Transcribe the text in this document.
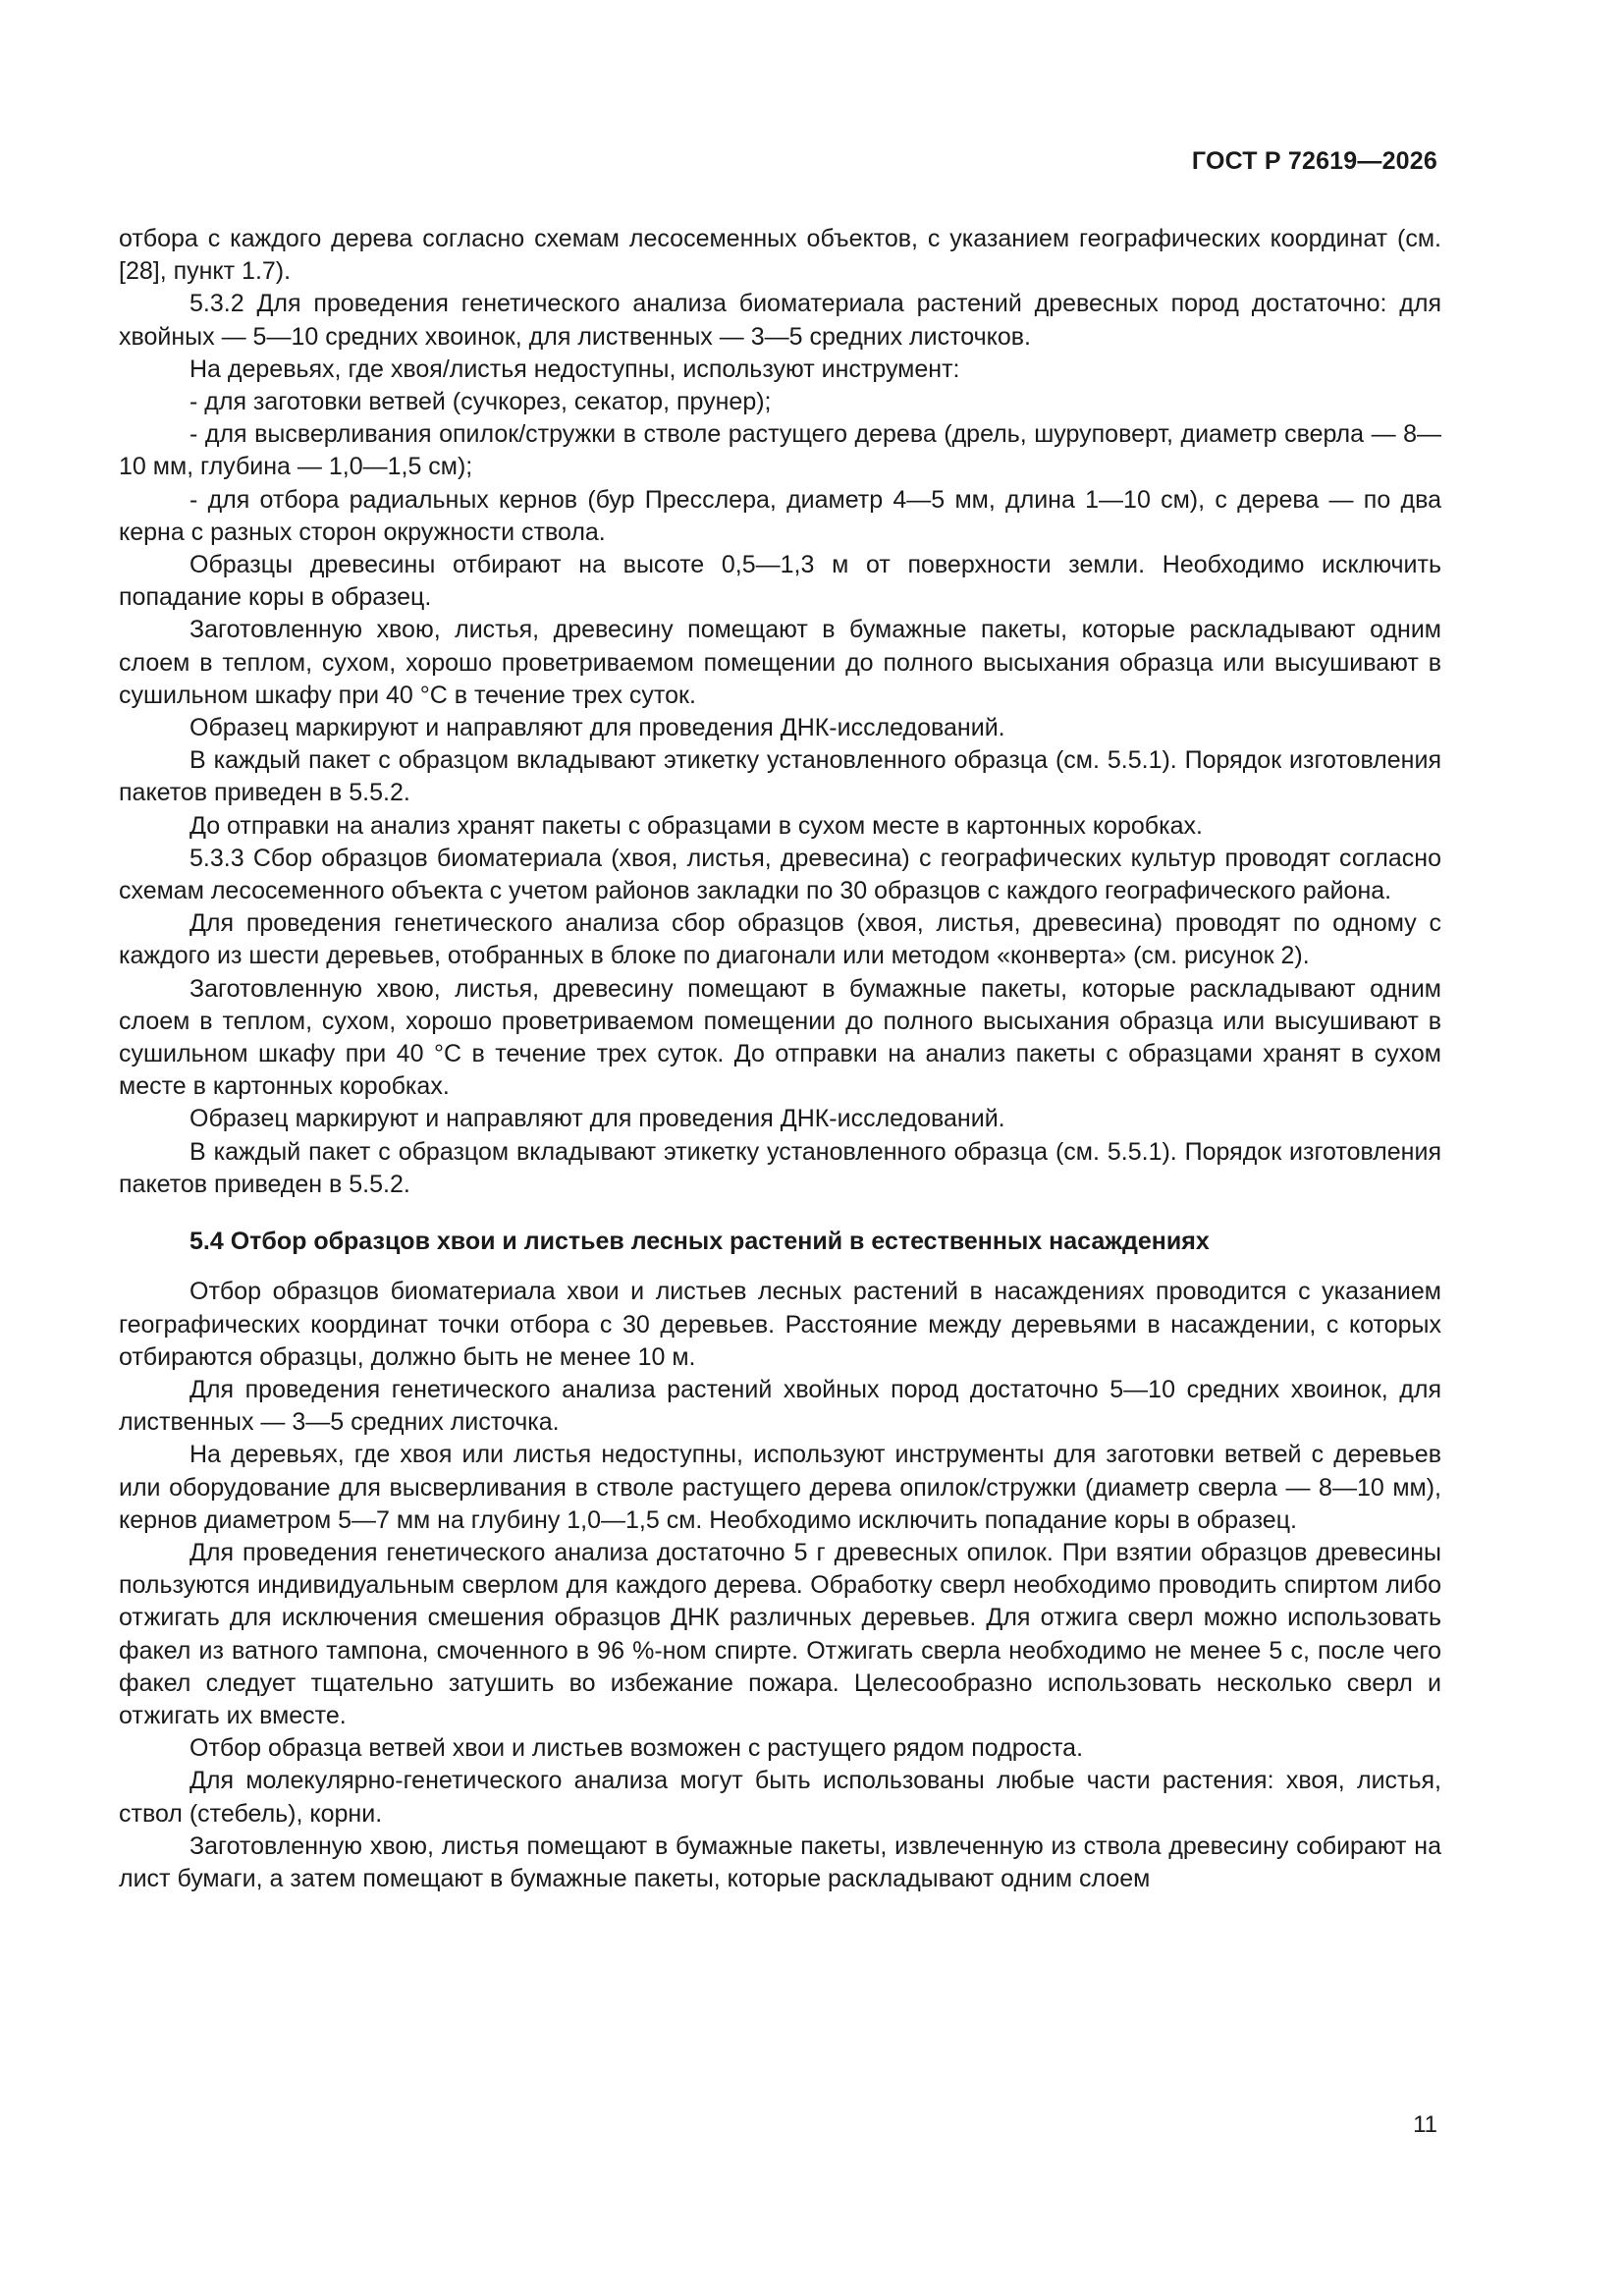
ГОСТ Р 72619—2026

отбора с каждого дерева согласно схемам лесосеменных объектов, с указанием географических координат (см. [28], пункт 1.7).

5.3.2 Для проведения генетического анализа биоматериала растений древесных пород достаточно: для хвойных — 5—10 средних хвоинок, для лиственных — 3—5 средних листочков.

На деревьях, где хвоя/листья недоступны, используют инструмент:

- для заготовки ветвей (сучкорез, секатор, прунер);

- для высверливания опилок/стружки в стволе растущего дерева (дрель, шуруповерт, диаметр сверла — 8—10 мм, глубина — 1,0—1,5 см);

- для отбора радиальных кернов (бур Пресслера, диаметр 4—5 мм, длина 1—10 см), с дерева — по два керна с разных сторон окружности ствола.

Образцы древесины отбирают на высоте 0,5—1,3 м от поверхности земли. Необходимо исключить попадание коры в образец.

Заготовленную хвою, листья, древесину помещают в бумажные пакеты, которые раскладывают одним слоем в теплом, сухом, хорошо проветриваемом помещении до полного высыхания образца или высушивают в сушильном шкафу при 40 °С в течение трех суток.

Образец маркируют и направляют для проведения ДНК-исследований.

В каждый пакет с образцом вкладывают этикетку установленного образца (см. 5.5.1). Порядок изготовления пакетов приведен в 5.5.2.

До отправки на анализ хранят пакеты с образцами в сухом месте в картонных коробках.

5.3.3 Сбор образцов биоматериала (хвоя, листья, древесина) с географических культур проводят согласно схемам лесосеменного объекта с учетом районов закладки по 30 образцов с каждого географического района.

Для проведения генетического анализа сбор образцов (хвоя, листья, древесина) проводят по одному с каждого из шести деревьев, отобранных в блоке по диагонали или методом «конверта» (см. рисунок 2).

Заготовленную хвою, листья, древесину помещают в бумажные пакеты, которые раскладывают одним слоем в теплом, сухом, хорошо проветриваемом помещении до полного высыхания образца или высушивают в сушильном шкафу при 40 °С в течение трех суток. До отправки на анализ пакеты с образцами хранят в сухом месте в картонных коробках.

Образец маркируют и направляют для проведения ДНК-исследований.

В каждый пакет с образцом вкладывают этикетку установленного образца (см. 5.5.1). Порядок изготовления пакетов приведен в 5.5.2.

5.4 Отбор образцов хвои и листьев лесных растений в естественных насаждениях

Отбор образцов биоматериала хвои и листьев лесных растений в насаждениях проводится с указанием географических координат точки отбора с 30 деревьев. Расстояние между деревьями в насаждении, с которых отбираются образцы, должно быть не менее 10 м.

Для проведения генетического анализа растений хвойных пород достаточно 5—10 средних хвоинок, для лиственных — 3—5 средних листочка.

На деревьях, где хвоя или листья недоступны, используют инструменты для заготовки ветвей с деревьев или оборудование для высверливания в стволе растущего дерева опилок/стружки (диаметр сверла — 8—10 мм), кернов диаметром 5—7 мм на глубину 1,0—1,5 см. Необходимо исключить попадание коры в образец.

Для проведения генетического анализа достаточно 5 г древесных опилок. При взятии образцов древесины пользуются индивидуальным сверлом для каждого дерева. Обработку сверл необходимо проводить спиртом либо отжигать для исключения смешения образцов ДНК различных деревьев. Для отжига сверл можно использовать факел из ватного тампона, смоченного в 96 %-ном спирте. Отжигать сверла необходимо не менее 5 с, после чего факел следует тщательно затушить во избежание пожара. Целесообразно использовать несколько сверл и отжигать их вместе.

Отбор образца ветвей хвои и листьев возможен с растущего рядом подроста.

Для молекулярно-генетического анализа могут быть использованы любые части растения: хвоя, листья, ствол (стебель), корни.

Заготовленную хвою, листья помещают в бумажные пакеты, извлеченную из ствола древесину собирают на лист бумаги, а затем помещают в бумажные пакеты, которые раскладывают одним слоем

11
